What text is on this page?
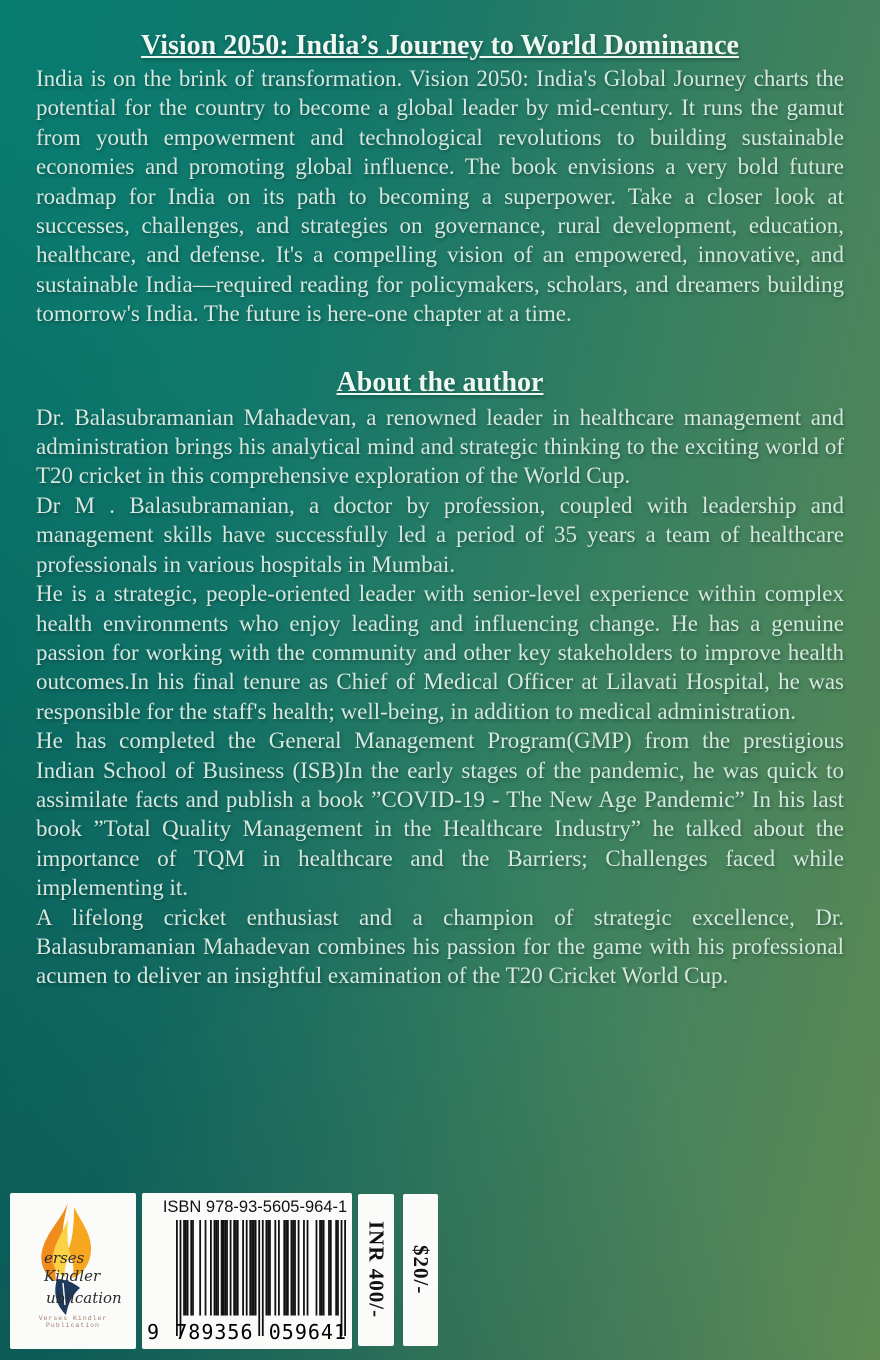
Vision 2050: India’s Journey to World Dominance

India is on the brink of transformation. Vision 2050: India's Global Journey charts the potential for the country to become a global leader by mid-century. It runs the gamut from youth empowerment and technological revolutions to building sustainable economies and promoting global influence. The book envisions a very bold future roadmap for India on its path to becoming a superpower. Take a closer look at successes, challenges, and strategies on governance, rural development, education, healthcare, and defense. It's a compelling vision of an empowered, innovative, and sustainable India—required reading for policymakers, scholars, and dreamers building tomorrow's India. The future is here-one chapter at a time.

About the author

Dr. Balasubramanian Mahadevan, a renowned leader in healthcare management and administration brings his analytical mind and strategic thinking to the exciting world of T20 cricket in this comprehensive exploration of the World Cup.

Dr M . Balasubramanian, a doctor by profession, coupled with leadership and management skills have successfully led a period of 35 years a team of healthcare professionals in various hospitals in Mumbai.

He is a strategic, people-oriented leader with senior-level experience within complex health environments who enjoy leading and influencing change. He has a genuine passion for working with the community and other key stakeholders to improve health outcomes.In his final tenure as Chief of Medical Officer at Lilavati Hospital, he was responsible for the staff's health; well-being, in addition to medical administration.

He has completed the General Management Program(GMP) from the prestigious Indian School of Business (ISB)In the early stages of the pandemic, he was quick to assimilate facts and publish a book ”COVID-19 - The New Age Pandemic” In his last book ”Total Quality Management in the Healthcare Industry” he talked about the importance of TQM in healthcare and the Barriers; Challenges faced while implementing it.

A lifelong cricket enthusiast and a champion of strategic excellence, Dr. Balasubramanian Mahadevan combines his passion for the game with his professional acumen to deliver an insightful examination of the T20 Cricket World Cup.

erses Kindler
ublication
Verses Kindler Publication
ISBN 978-93-5605-964-1
9 789356 059641
INR 400/- $20/-
